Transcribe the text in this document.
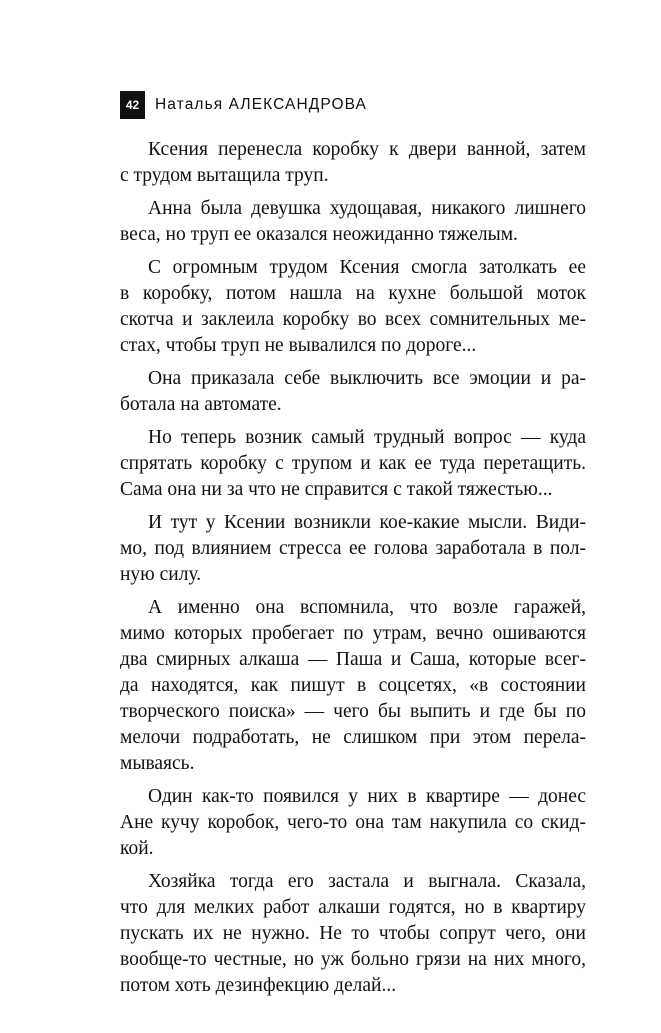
42	Наталья АЛЕКСАНДРОВА
Ксения перенесла коробку к двери ванной, затем
с трудом вытащила труп.
Анна была девушка худощавая, никакого лишнего
веса, но труп ее оказался неожиданно тяжелым.
С огромным трудом Ксения смогла затолкать ее
в коробку, потом нашла на кухне большой моток
скотча и заклеила коробку во всех сомнительных ме-
стах, чтобы труп не вывалился по дороге...
Она приказала себе выключить все эмоции и ра-
ботала на автомате.
Но теперь возник самый трудный вопрос — куда
спрятать коробку с трупом и как ее туда перетащить.
Сама она ни за что не справится с такой тяжестью...
И тут у Ксении возникли кое-какие мысли. Види-
мо, под влиянием стресса ее голова заработала в пол-
ную силу.
А именно она вспомнила, что возле гаражей,
мимо которых пробегает по утрам, вечно ошиваются
два смирных алкаша — Паша и Саша, которые всег-
да находятся, как пишут в соцсетях, «в состоянии
творческого поиска» — чего бы выпить и где бы по
мелочи подработать, не слишком при этом перела-
мываясь.
Один как-то появился у них в квартире — донес
Ане кучу коробок, чего-то она там накупила со скид-
кой.
Хозяйка тогда его застала и выгнала. Сказала,
что для мелких работ алкаши годятся, но в квартиру
пускать их не нужно. Не то чтобы сопрут чего, они
вообще-то честные, но уж больно грязи на них много,
потом хоть дезинфекцию делай...
